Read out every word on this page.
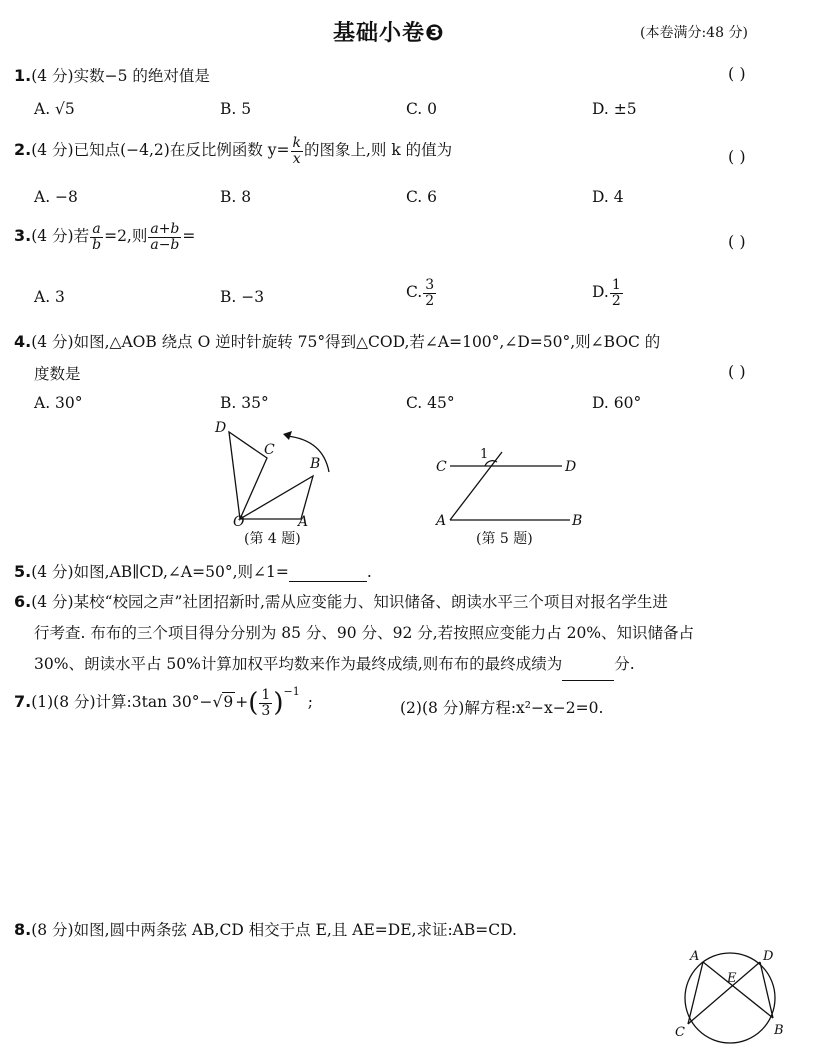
基础小卷❸	(本卷满分:48 分)
1.(4 分)实数−5 的绝对值是	( )
A. √5	B. 5	C. 0	D. ±5
2.(4 分)已知点(−4,2)在反比例函数 $y= \frac{k}{x}$ 的图象上,则 k 的值为	( )
A. −8	B. 8	C. 6	D. 4
3.(4 分)若 $\frac{a}{b} =2$,则 $\frac{a+b}{a-b}$ =	( )
A. 3	B. −3	C. $\frac{3}{2}$	D. $\frac{1}{2}$
4.(4 分)如图,△AOB 绕点 O 逆时针旋转 75°得到△COD,若∠A=100°,∠D=50°,则∠BOC 的
度数是	( )
A. 30°	B. 35°	C. 45°	D. 60°
D
C
B
O	A
(第 4 题)
C	D
A	B
1
(第 5 题)
5.(4 分)如图,AB∥CD,∠A=50°,则∠1=	.
6.(4 分)某校“校园之声”社团招新时,需从应变能力、知识储备、朗读水平三个项目对报名学生进
行考查. 布布的三个项目得分分别为 85 分、90 分、92 分,若按照应变能力占 20%、知识储备占
30%、朗读水平占 50%计算加权平均数来作为最终成绩,则布布的最终成绩为	分.
7.(1)(8 分)计算:3tan 30°−√9 +( $\frac{1}{3} )^{-1}$;	(2)(8 分)解方程:x²−x−2=0.
8.(8 分)如图,圆中两条弦 AB,CD 相交于点 E,且 AE=DE,求证:AB=CD.
A	D
E
C	B
